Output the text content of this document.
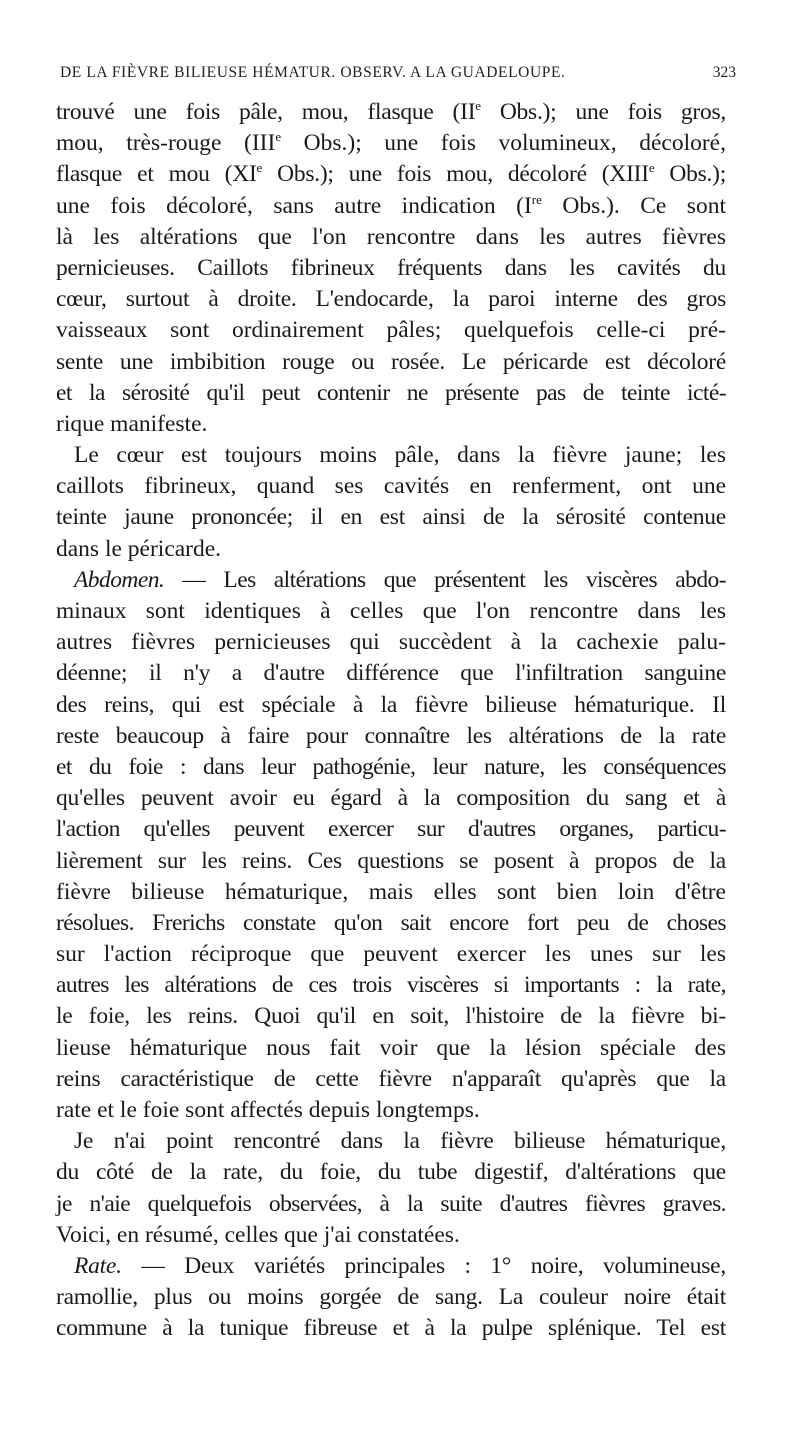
DE LA FIÈVRE BILIEUSE HÉMATUR. OBSERV. A LA GUADELOUPE.	323
trouvé une fois pâle, mou, flasque (IIe Obs.); une fois gros,
mou, très-rouge (IIIe Obs.); une fois volumineux, décoloré,
flasque et mou (XIe Obs.); une fois mou, décoloré (XIIIe Obs.);
une fois décoloré, sans autre indication (Ire Obs.). Ce sont
là les altérations que l'on rencontre dans les autres fièvres
pernicieuses. Caillots fibrineux fréquents dans les cavités du
cœur, surtout à droite. L'endocarde, la paroi interne des gros
vaisseaux sont ordinairement pâles; quelquefois celle-ci pré-
sente une imbibition rouge ou rosée. Le péricarde est décoloré
et la sérosité qu'il peut contenir ne présente pas de teinte icté-
rique manifeste.
Le cœur est toujours moins pâle, dans la fièvre jaune; les
caillots fibrineux, quand ses cavités en renferment, ont une
teinte jaune prononcée; il en est ainsi de la sérosité contenue
dans le péricarde.
Abdomen. — Les altérations que présentent les viscères abdo-
minaux sont identiques à celles que l'on rencontre dans les
autres fièvres pernicieuses qui succèdent à la cachexie palu-
déenne; il n'y a d'autre différence que l'infiltration sanguine
des reins, qui est spéciale à la fièvre bilieuse hématurique. Il
reste beaucoup à faire pour connaître les altérations de la rate
et du foie : dans leur pathogénie, leur nature, les conséquences
qu'elles peuvent avoir eu égard à la composition du sang et à
l'action qu'elles peuvent exercer sur d'autres organes, particu-
lièrement sur les reins. Ces questions se posent à propos de la
fièvre bilieuse hématurique, mais elles sont bien loin d'être
résolues. Frerichs constate qu'on sait encore fort peu de choses
sur l'action réciproque que peuvent exercer les unes sur les
autres les altérations de ces trois viscères si importants : la rate,
le foie, les reins. Quoi qu'il en soit, l'histoire de la fièvre bi-
lieuse hématurique nous fait voir que la lésion spéciale des
reins caractéristique de cette fièvre n'apparaît qu'après que la
rate et le foie sont affectés depuis longtemps.
Je n'ai point rencontré dans la fièvre bilieuse hématurique,
du côté de la rate, du foie, du tube digestif, d'altérations que
je n'aie quelquefois observées, à la suite d'autres fièvres graves.
Voici, en résumé, celles que j'ai constatées.
Rate. — Deux variétés principales : 1° noire, volumineuse,
ramollie, plus ou moins gorgée de sang. La couleur noire était
commune à la tunique fibreuse et à la pulpe splénique. Tel est
